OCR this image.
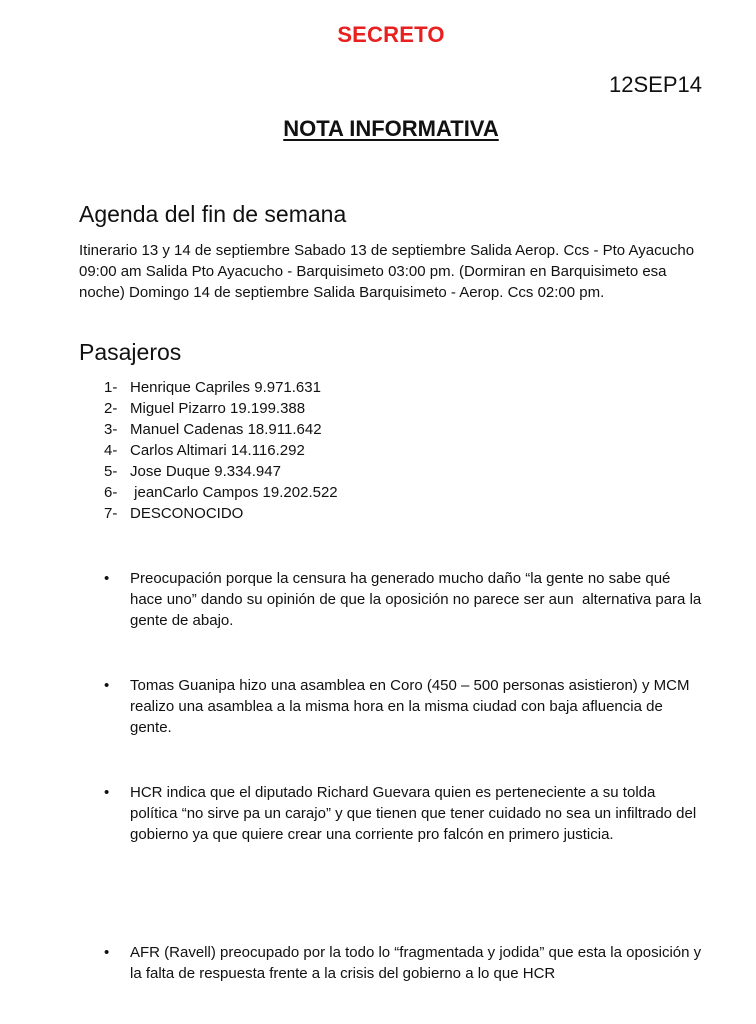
SECRETO
12SEP14
NOTA INFORMATIVA
Agenda del fin de semana
Itinerario 13 y 14 de septiembre Sabado 13 de septiembre Salida Aerop. Ccs - Pto Ayacucho 09:00 am Salida Pto Ayacucho - Barquisimeto 03:00 pm. (Dormiran en Barquisimeto esa noche) Domingo 14 de septiembre Salida Barquisimeto - Aerop. Ccs 02:00 pm.
Pasajeros
1- Henrique Capriles 9.971.631
2- Miguel Pizarro 19.199.388
3- Manuel Cadenas 18.911.642
4- Carlos Altimari 14.116.292
5- Jose Duque 9.334.947
6- jeanCarlo Campos 19.202.522
7- DESCONOCIDO
•	Preocupación porque la censura ha generado mucho daño “la gente no sabe qué hace uno” dando su opinión de que la oposición no parece ser aun  alternativa para la gente de abajo.
•	Tomas Guanipa hizo una asamblea en Coro (450 – 500 personas asistieron) y MCM realizo una asamblea a la misma hora en la misma ciudad con baja afluencia de gente.
•	HCR indica que el diputado Richard Guevara quien es perteneciente a su tolda política “no sirve pa un carajo” y que tienen que tener cuidado no sea un infiltrado del gobierno ya que quiere crear una corriente pro falcón en primero justicia.
•	AFR (Ravell) preocupado por la todo lo “fragmentada y jodida” que esta la oposición y la falta de respuesta frente a la crisis del gobierno a lo que HCR
